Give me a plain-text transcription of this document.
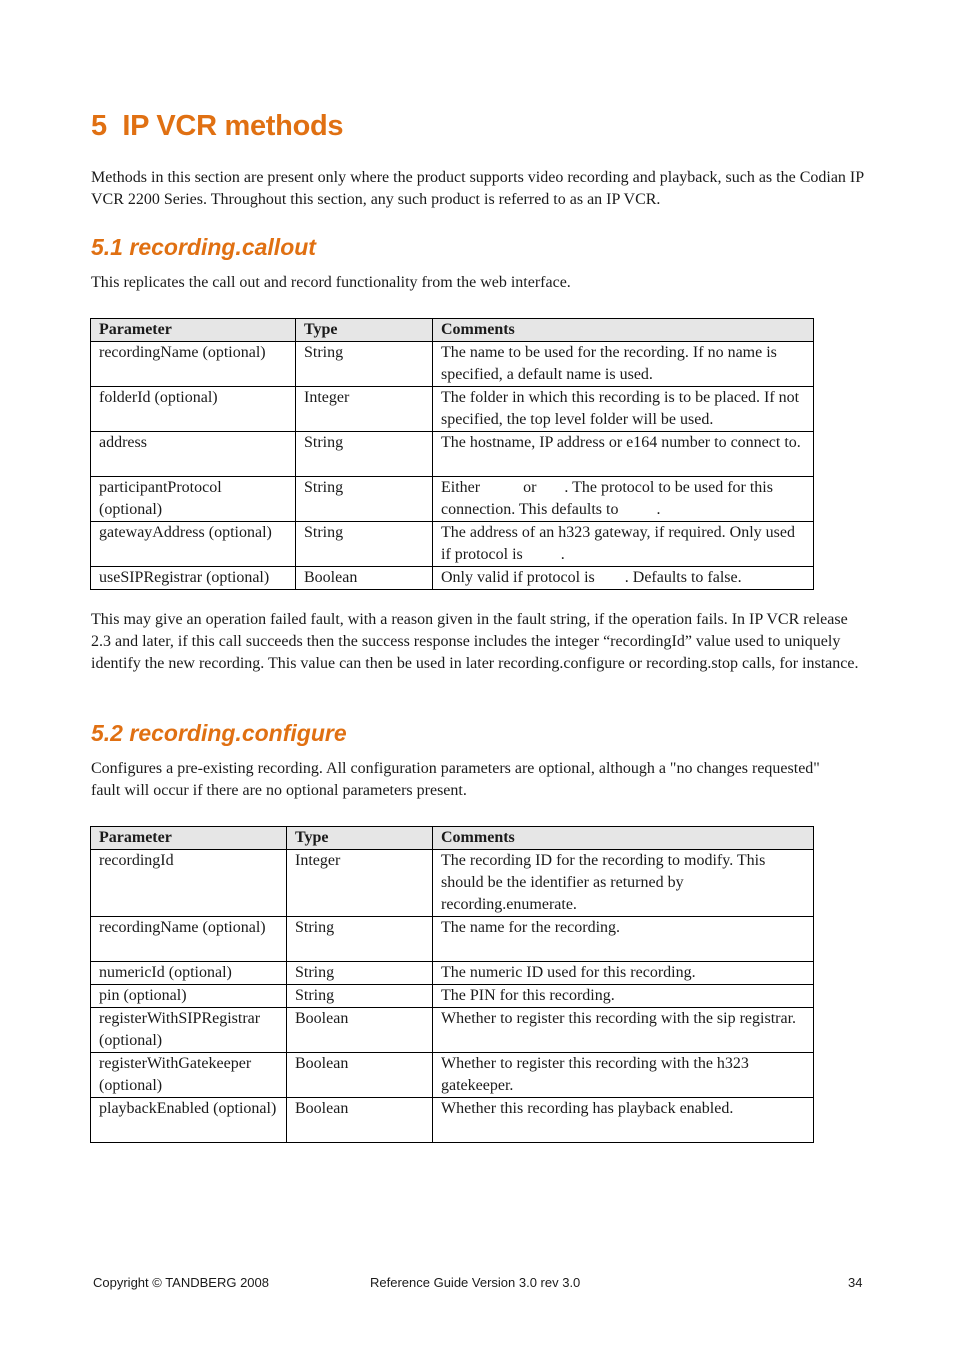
5 IP VCR methods

Methods in this section are present only where the product supports video recording and playback, such as the Codian IP VCR 2200 Series. Throughout this section, any such product is referred to as an IP VCR.

5.1 recording.callout

This replicates the call out and record functionality from the web interface.

Parameter	Type	Comments
recordingName (optional)	String	The name to be used for the recording. If no name is specified, a default name is used.
folderId (optional)	Integer	The folder in which this recording is to be placed. If not specified, the top level folder will be used.
address	String	The hostname, IP address or e164 number to connect to.
participantProtocol (optional)	String	Either or . The protocol to be used for this connection. This defaults to .
gatewayAddress (optional)	String	The address of an h323 gateway, if required. Only used if protocol is .
useSIPRegistrar (optional)	Boolean	Only valid if protocol is . Defaults to false.

This may give an operation failed fault, with a reason given in the fault string, if the operation fails. In IP VCR release 2.3 and later, if this call succeeds then the success response includes the integer “recordingId” value used to uniquely identify the new recording. This value can then be used in later recording.configure or recording.stop calls, for instance.

5.2 recording.configure

Configures a pre-existing recording. All configuration parameters are optional, although a "no changes requested" fault will occur if there are no optional parameters present.

Parameter	Type	Comments
recordingId	Integer	The recording ID for the recording to modify. This should be the identifier as returned by recording.enumerate.
recordingName (optional)	String	The name for the recording.
numericId (optional)	String	The numeric ID used for this recording.
pin (optional)	String	The PIN for this recording.
registerWithSIPRegistrar (optional)	Boolean	Whether to register this recording with the sip registrar.
registerWithGatekeeper (optional)	Boolean	Whether to register this recording with the h323 gatekeeper.
playbackEnabled (optional)	Boolean	Whether this recording has playback enabled.
Copyright © TANDBERG 2008	Reference Guide Version 3.0 rev 3.0	34
